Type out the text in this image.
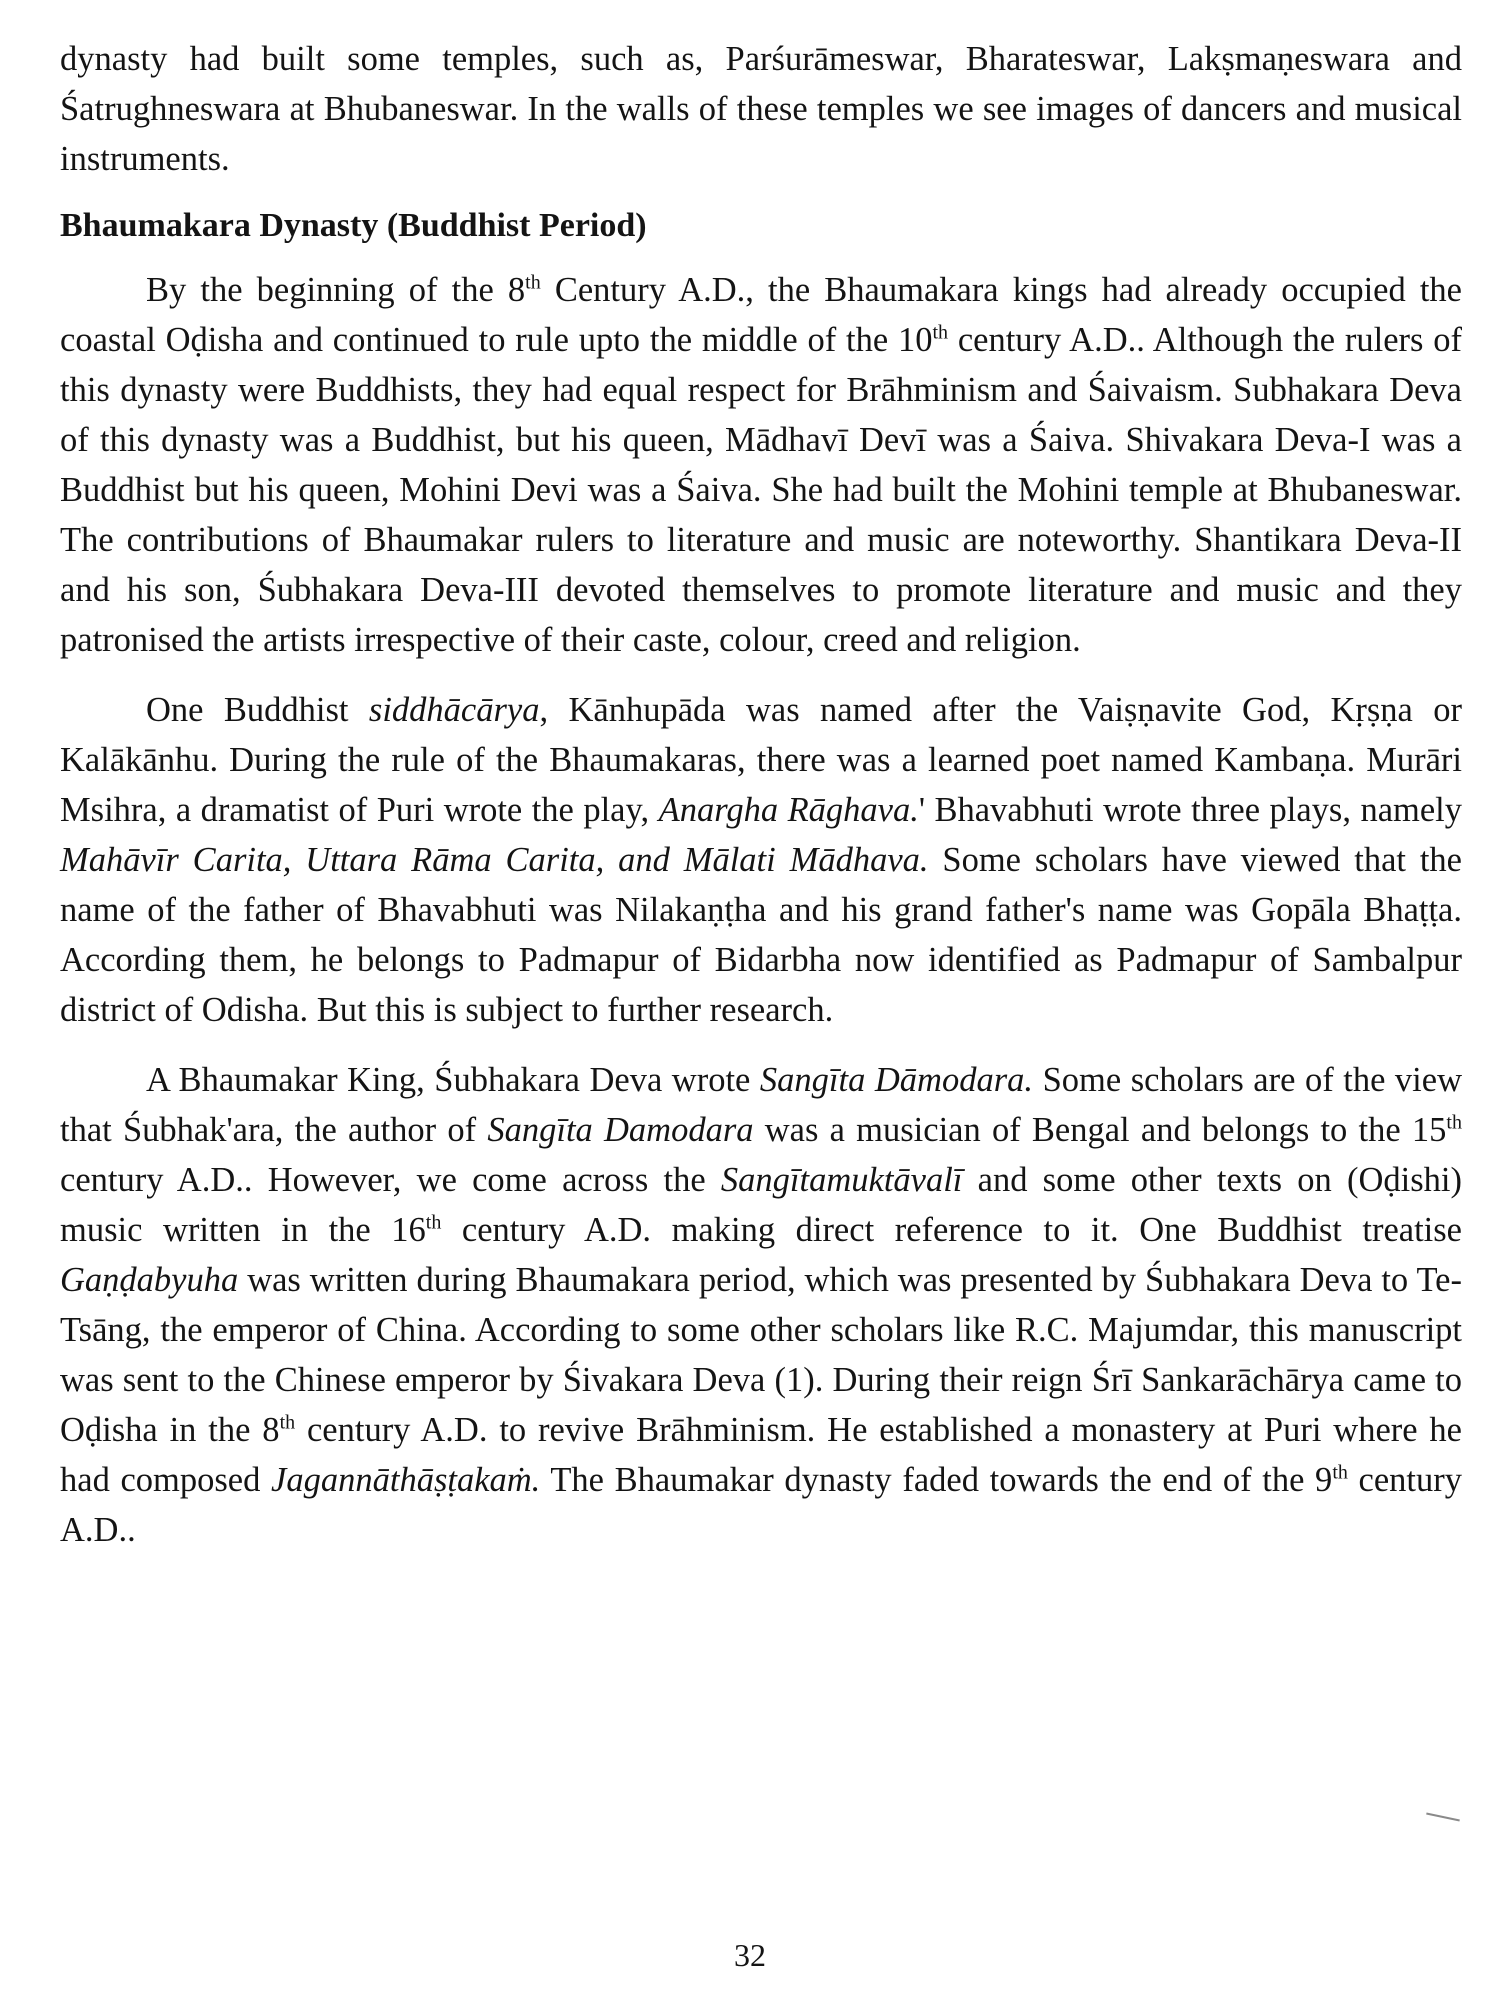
dynasty had built some temples, such as, Parśurāmeswar, Bharateswar, Lakṣmaṇeswara and Śatrughneswara at Bhubaneswar. In the walls of these temples we see images of dancers and musical instruments.

Bhaumakara Dynasty (Buddhist Period)

By the beginning of the 8th Century A.D., the Bhaumakara kings had already occupied the coastal Oḍisha and continued to rule upto the middle of the 10th century A.D.. Although the rulers of this dynasty were Buddhists, they had equal respect for Brāhminism and Śaivaism. Subhakara Deva of this dynasty was a Buddhist, but his queen, Mādhavī Devī was a Śaiva. Shivakara Deva-I was a Buddhist but his queen, Mohini Devi was a Śaiva. She had built the Mohini temple at Bhubaneswar. The contributions of Bhaumakar rulers to literature and music are noteworthy. Shantikara Deva-II and his son, Śubhakara Deva-III devoted themselves to promote literature and music and they patronised the artists irrespective of their caste, colour, creed and religion.

One Buddhist siddhācārya, Kānhupāda was named after the Vaiṣṇavite God, Kṛṣṇa or Kalākānhu. During the rule of the Bhaumakaras, there was a learned poet named Kambaṇa. Murāri Msihra, a dramatist of Puri wrote the play, Anargha Rāghava.' Bhavabhuti wrote three plays, namely Mahāvīr Carita, Uttara Rāma Carita, and Mālati Mādhava. Some scholars have viewed that the name of the father of Bhavabhuti was Nilakaṇṭha and his grand father's name was Gopāla Bhaṭṭa. According them, he belongs to Padmapur of Bidarbha now identified as Padmapur of Sambalpur district of Odisha. But this is subject to further research.

A Bhaumakar King, Śubhakara Deva wrote Sangīta Dāmodara. Some scholars are of the view that Śubhak'ara, the author of Sangīta Damodara was a musician of Bengal and belongs to the 15th century A.D.. However, we come across the Sangītamuktāvalī and some other texts on (Oḍishi) music written in the 16th century A.D. making direct reference to it. One Buddhist treatise Gaṇḍabyuha was written during Bhaumakara period, which was presented by Śubhakara Deva to Te-Tsāng, the emperor of China. According to some other scholars like R.C. Majumdar, this manuscript was sent to the Chinese emperor by Śivakara Deva (1). During their reign Śrī Sankarāchārya came to Oḍisha in the 8th century A.D. to revive Brāhminism. He established a monastery at Puri where he had composed Jagannāthāṣṭakaṁ. The Bhaumakar dynasty faded towards the end of the 9th century A.D..

32
